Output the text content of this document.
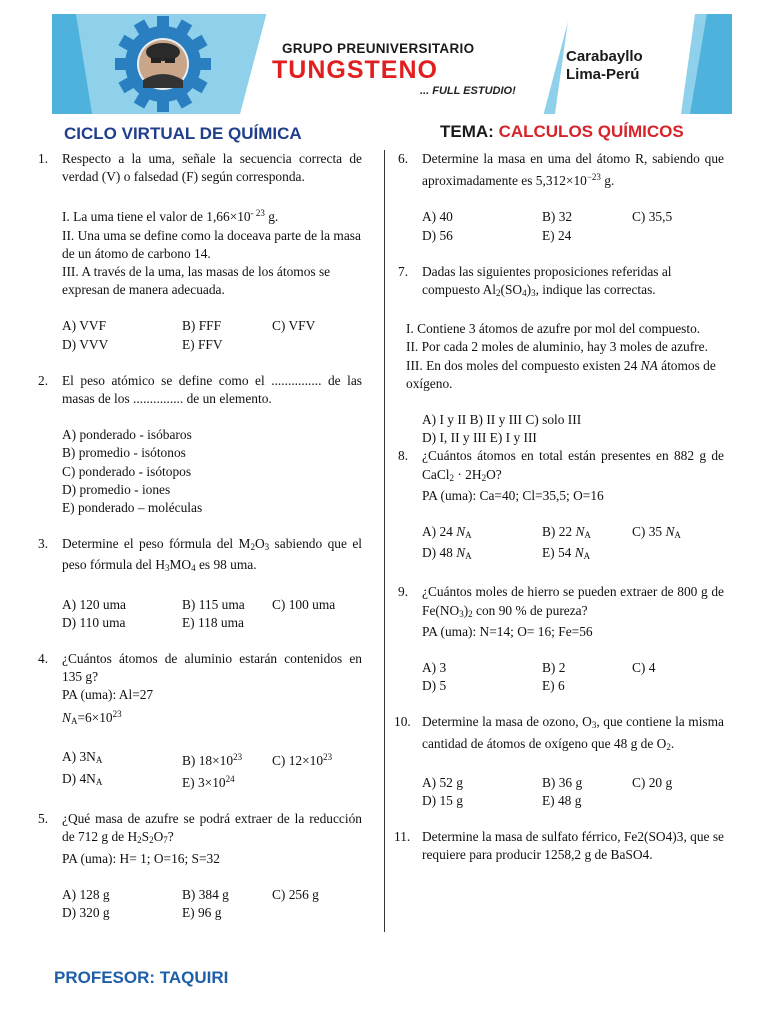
GRUPO PREUNIVERSITARIO
TUNGSTENO
... FULL ESTUDIO!
Carabayllo
Lima-Perú
CICLO VIRTUAL DE QUÍMICA	TEMA: CALCULOS QUÍMICOS
1. Respecto a la uma, señale la secuencia correcta de verdad (V) o falsedad (F) según corresponda.
I. La uma tiene el valor de $1,66\times 10^{- 23}$ g.
II. Una uma se define como la doceava parte de la masa de un átomo de carbono 14.
III. A través de la uma, las masas de los átomos se expresan de manera adecuada.
A) VVF	B) FFF	C) VFV
D) VVV	E) FFV
2. El peso atómico se define como el ............... de las masas de los ............... de un elemento.
A) ponderado - isóbaros
B) promedio - isótonos
C) ponderado - isótopos
D) promedio - iones
E) ponderado – moléculas
3. Determine el peso fórmula del $M_2O_3$ sabiendo que el peso fórmula del $H_3MO_4$ es 98 uma.
A) 120 uma	B) 115 uma	C) 100 uma
D) 110 uma	E) 118 uma
4. ¿Cuántos átomos de aluminio estarán contenidos en 135 g?
PA (uma): Al=27
$N_A=6\times 10^{23}$
A) $3N_A$	B) $18\times 10^{23}$	C) $12\times 10^{23}$
D) $4N_A$	E) $3\times 10^{24}$
5. ¿Qué masa de azufre se podrá extraer de la reducción de 712 g de $H_2S_2O_7$?
PA (uma): H= 1; O=16; S=32
A) 128 g	B) 384 g	C) 256 g
D) 320 g	E) 96 g
6. Determine la masa en uma del átomo R, sabiendo que aproximadamente es $5,312\times 10^{-23}$ g.
A) 40	B) 32	C) 35,5
D) 56	E) 24
7. Dadas las siguientes proposiciones referidas al compuesto $Al_2(SO_4)_3$, indique las correctas.
I. Contiene 3 átomos de azufre por mol del compuesto.
II. Por cada 2 moles de aluminio, hay 3 moles de azufre.
III. En dos moles del compuesto existen 24 NA átomos de oxígeno.
A) I y II B) II y III C) solo III
D) I, II y III E) I y III
8. ¿Cuántos átomos en total están presentes en 882 g de CaCl$_2$ · $2H_2O$?
PA (uma): Ca=40; Cl=35,5; O=16
A) 24 $N_A$	B) 22 $N_A$	C) 35 $N_A$
D) 48 $N_A$	E) 54 $N_A$
9. ¿Cuántos moles de hierro se pueden extraer de 800 g de $Fe(NO_3)_2$ con 90 % de pureza?
PA (uma): N=14; O= 16; Fe=56
A) 3	B) 2	C) 4
D) 5	E) 6
10. Determine la masa de ozono, $O_3$, que contiene la misma cantidad de átomos de oxígeno que 48 g de $O_2$.
A) 52 g	B) 36 g	C) 20 g
D) 15 g	E) 48 g
11. Determine la masa de sulfato férrico, Fe2(SO4)3, que se requiere para producir 1258,2 g de BaSO4.
PROFESOR: TAQUIRI
